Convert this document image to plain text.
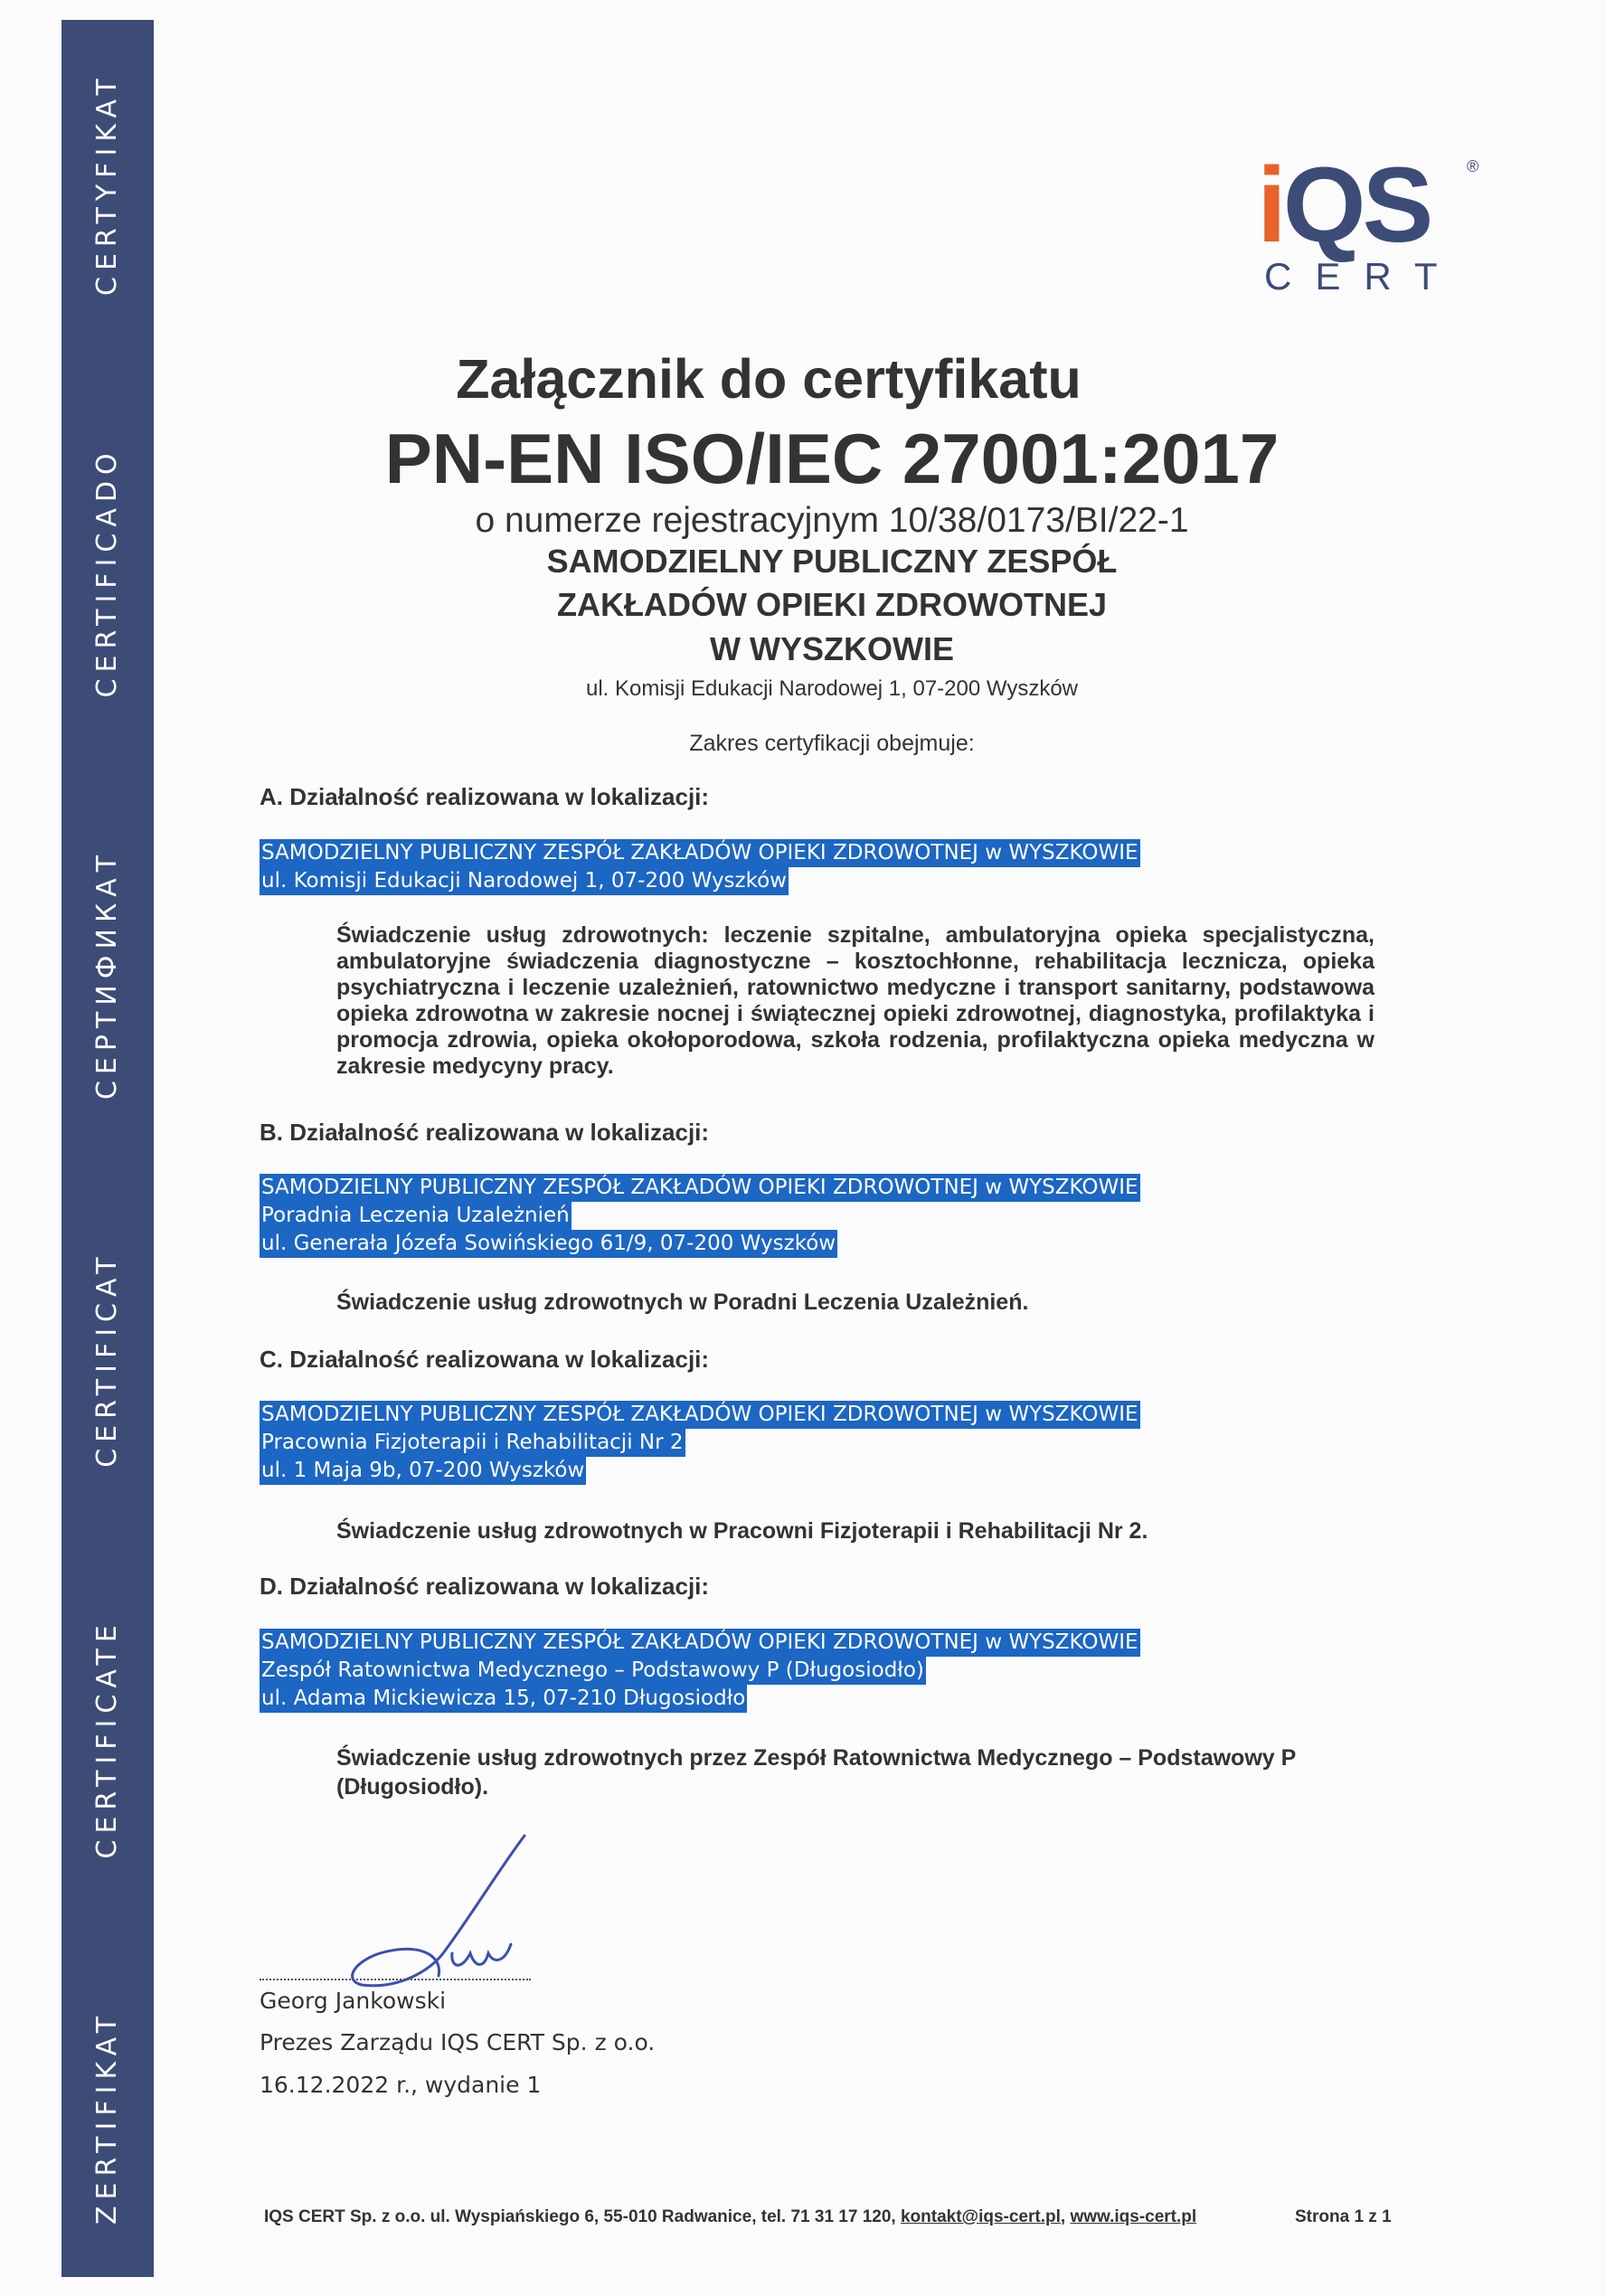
ZERTIFIKAT
CERTIFICATE
CERTIFICAT
СЕРТИФИКАТ
CERTIFICADO
CERTYFIKAT	iQS ®
CERT
Załącznik do certyfikatu
PN-EN ISO/IEC 27001:2017
o numerze rejestracyjnym 10/38/0173/BI/22-1
SAMODZIELNY PUBLICZNY ZESPÓŁ
ZAKŁADÓW OPIEKI ZDROWOTNEJ
W WYSZKOWIE
ul. Komisji Edukacji Narodowej 1, 07-200 Wyszków
Zakres certyfikacji obejmuje:
A. Działalność realizowana w lokalizacji:
SAMODZIELNY PUBLICZNY ZESPÓŁ ZAKŁADÓW OPIEKI ZDROWOTNEJ w WYSZKOWIE
ul. Komisji Edukacji Narodowej 1, 07-200 Wyszków
Świadczenie usług zdrowotnych: leczenie szpitalne, ambulatoryjna opieka specjalistyczna, ambulatoryjne świadczenia diagnostyczne – kosztochłonne, rehabilitacja lecznicza, opieka psychiatryczna i leczenie uzależnień, ratownictwo medyczne i transport sanitarny, podstawowa opieka zdrowotna w zakresie nocnej i świątecznej opieki zdrowotnej, diagnostyka, profilaktyka i promocja zdrowia, opieka okołoporodowa, szkoła rodzenia, profilaktyczna opieka medyczna w zakresie medycyny pracy.
B. Działalność realizowana w lokalizacji:
SAMODZIELNY PUBLICZNY ZESPÓŁ ZAKŁADÓW OPIEKI ZDROWOTNEJ w WYSZKOWIE
Poradnia Leczenia Uzależnień
ul. Generała Józefa Sowińskiego 61/9, 07-200 Wyszków
Świadczenie usług zdrowotnych w Poradni Leczenia Uzależnień.
C. Działalność realizowana w lokalizacji:
SAMODZIELNY PUBLICZNY ZESPÓŁ ZAKŁADÓW OPIEKI ZDROWOTNEJ w WYSZKOWIE
Pracownia Fizjoterapii i Rehabilitacji Nr 2
ul. 1 Maja 9b, 07-200 Wyszków
Świadczenie usług zdrowotnych w Pracowni Fizjoterapii i Rehabilitacji Nr 2.
D. Działalność realizowana w lokalizacji:
SAMODZIELNY PUBLICZNY ZESPÓŁ ZAKŁADÓW OPIEKI ZDROWOTNEJ w WYSZKOWIE
Zespół Ratownictwa Medycznego – Podstawowy P (Długosiodło)
ul. Adama Mickiewicza 15, 07-210 Długosiodło
Świadczenie usług zdrowotnych przez Zespół Ratownictwa Medycznego – Podstawowy P
(Długosiodło).
Georg Jankowski
Prezes Zarządu IQS CERT Sp. z o.o.
16.12.2022 r., wydanie 1
IQS CERT Sp. z o.o. ul. Wyspiańskiego 6, 55-010 Radwanice, tel. 71 31 17 120, kontakt@iqs-cert.pl, www.iqs-cert.pl	Strona 1 z 1
